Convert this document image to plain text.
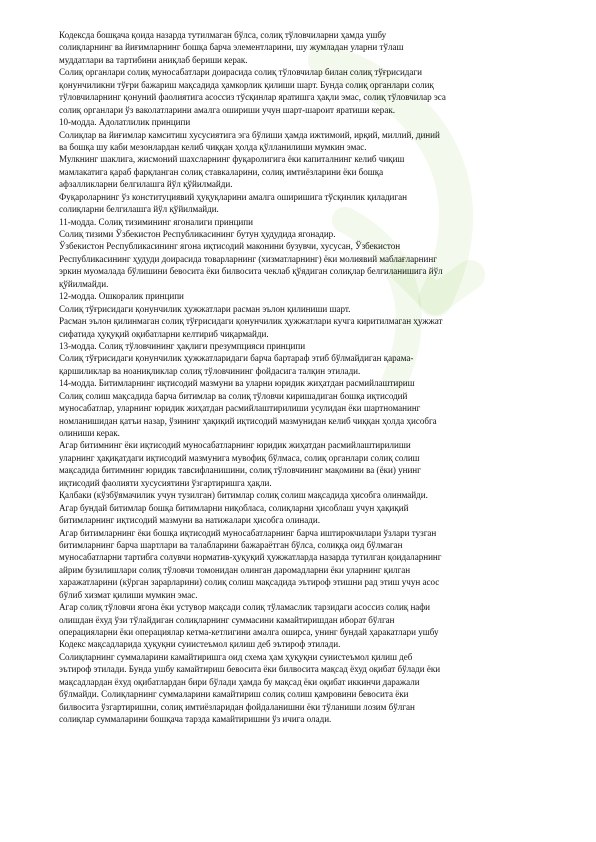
Кодексда бошқача қоида назарда тутилмаган бўлса, солиқ тўловчиларни ҳамда ушбу
солиқларнинг ва йиғимларнинг бошқа барча элементларини, шу жумладан уларни тўлаш
муддатлари ва тартибини аниқлаб бериши керак.
Солиқ органлари солиқ муносабатлари доирасида солиқ тўловчилар билан солиқ тўғрисидаги
қонунчиликни тўғри бажариш мақсадида ҳамкорлик қилиши шарт. Бунда солиқ органлари солиқ
тўловчиларнинг қонуний фаолиятига асоссиз тўсқинлар яратишга ҳақли эмас, солиқ тўловчилар эса
солиқ органлари ўз ваколатларини амалга ошириши учун шарт-шароит яратиши керак.
10-модда. Адолатлилик принципи
Солиқлар ва йиғимлар камситиш хусусиятига эга бўлиши ҳамда ижтимоий, ирқий, миллий, диний
ва бошқа шу каби мезонлардан келиб чиққан ҳолда қўлланилиши мумкин эмас.
Мулкнинг шаклига, жисмоний шахсларнинг фуқаролигига ёки капиталнинг келиб чиқиш
мамлакатига қараб фарқланган солиқ ставкаларини, солиқ имтиёзларини ёки бошқа
афзалликларни белгилашга йўл қўйилмайди.
Фуқароларнинг ўз конституциявий ҳуқуқларини амалга оширишига тўсқинлик қиладиган
солиқларни белгилашга йўл қўйилмайди.
11-модда. Солиқ тизимининг ягоналиги принципи
Солиқ тизими Ўзбекистон Республикасининг бутун ҳудудида ягонадир.
Ўзбекистон Республикасининг ягона иқтисодий маконини бузувчи, хусусан, Ўзбекистон
Республикасининг ҳудуди доирасида товарларнинг (хизматларнинг) ёки молиявий маблағларнинг
эркин муомалада бўлишини бевосита ёки билвосита чеклаб қўядиган солиқлар белгиланишига йўл
қўйилмайди.
12-модда. Ошкоралик принципи
Солиқ тўғрисидаги қонунчилик ҳужжатлари расман эълон қилиниши шарт.
Расман эълон қилинмаган солиқ тўғрисидаги қонунчилик ҳужжатлари кучга киритилмаган ҳужжат
сифатида ҳуқуқий оқибатларни келтириб чиқармайди.
13-модда. Солиқ тўловчининг ҳақлиги презумпцияси принципи
Солиқ тўғрисидаги қонунчилик ҳужжатларидаги барча бартараф этиб бўлмайдиган қарама-
қаршиликлар ва ноаниқликлар солиқ тўловчининг фойдасига талқин этилади.
14-модда. Битимларнинг иқтисодий мазмуни ва уларни юридик жиҳатдан расмийлаштириш
Солиқ солиш мақсадида барча битимлар ва солиқ тўловчи киришадиган бошқа иқтисодий
муносабатлар, уларнинг юридик жиҳатдан расмийлаштирилиши усулидан ёки шартноманинг
номланишидан қатъи назар, ўзининг ҳақиқий иқтисодий мазмунидан келиб чиққан ҳолда ҳисобга
олиниши керак.
Агар битимнинг ёки иқтисодий муносабатларнинг юридик жиҳатдан расмийлаштирилиши
уларнинг ҳақиқатдаги иқтисодий мазмунига мувофиқ бўлмаса, солиқ органлари солиқ солиш
мақсадида битимнинг юридик тавсифланишини, солиқ тўловчининг мақомини ва (ёки) унинг
иқтисодий фаолияти хусусиятини ўзгартиришга ҳақли.
Қалбаки (кўзбўямачилик учун тузилган) битимлар солиқ солиш мақсадида ҳисобга олинмайди.
Агар бундай битимлар бошқа битимларни ниқоблаcа, солиқларни ҳисоблаш учун ҳақиқий
битимларнинг иқтисодий мазмуни ва натижалари ҳисобга олинади.
Агар битимларнинг ёки бошқа иқтисодий муносабатларнинг барча иштирокчилари ўзлари тузган
битимларнинг барча шартлари ва талабларини бажараётган бўлса, солиққа оид бўлмаган
муносабатларни тартибга солувчи норматив-ҳуқуқий ҳужжатларда назарда тутилган қоидаларнинг
айрим бузилишлари солиқ тўловчи томонидан олинган даромадларни ёки уларнинг қилган
харажатларини (кўрган зарарларини) солиқ солиш мақсадида эътироф этишни рад этиш учун асос
бўлиб хизмат қилиши мумкин эмас.
Агар солиқ тўловчи ягона ёки устувор мақсади солиқ тўламаслик тарзидаги асоссиз солиқ нафи
олишдан ёхуд ўзи тўлайдиган солиқларнинг суммасини камайтиришдан иборат бўлган
операцияларни ёки операциялар кетма-кетлигини амалга оширса, унинг бундай ҳаракатлари ушбу
Кодекс мақсадларида ҳуқуқни суиистеъмол қилиш деб эътироф этилади.
Солиқларнинг суммаларини камайтиришга оид схема ҳам ҳуқуқни суиистеъмол қилиш деб
эътироф этилади. Бунда ушбу камайтириш бевосита ёки билвосита мақсад ёхуд оқибат бўлади ёки
мақсадлардан ёхуд оқибатлардан бири бўлади ҳамда бу мақсад ёки оқибат иккинчи даражали
бўлмайди. Солиқларнинг суммаларини камайтириш солиқ солиш қамровини бевосита ёки
билвосита ўзгартиришни, солиқ имтиёзларидан фойдаланишни ёки тўланиши лозим бўлган
солиқлар суммаларини бошқача тарзда камайтиришни ўз ичига олади.
